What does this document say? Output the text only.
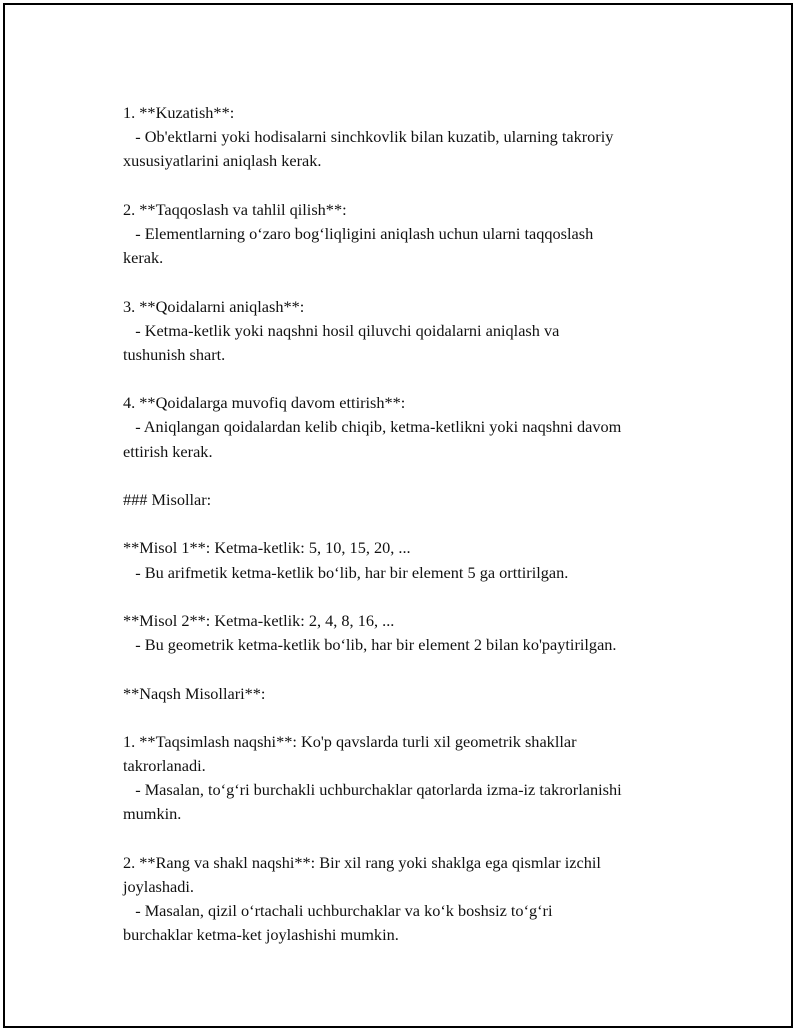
1. **Kuzatish**:
- Ob'ektlarni yoki hodisalarni sinchkovlik bilan kuzatib, ularning takroriy
xususiyatlarini aniqlash kerak.
2. **Taqqoslash va tahlil qilish**:
- Elementlarning o‘zaro bog‘liqligini aniqlash uchun ularni taqqoslash
kerak.
3. **Qoidalarni aniqlash**:
- Ketma-ketlik yoki naqshni hosil qiluvchi qoidalarni aniqlash va
tushunish shart.
4. **Qoidalarga muvofiq davom ettirish**:
- Aniqlangan qoidalardan kelib chiqib, ketma-ketlikni yoki naqshni davom
ettirish kerak.
### Misollar:
**Misol 1**: Ketma-ketlik: 5, 10, 15, 20, ...
- Bu arifmetik ketma-ketlik bo‘lib, har bir element 5 ga orttirilgan.
**Misol 2**: Ketma-ketlik: 2, 4, 8, 16, ...
- Bu geometrik ketma-ketlik bo‘lib, har bir element 2 bilan ko'paytirilgan.
**Naqsh Misollari**:
1. **Taqsimlash naqshi**: Ko'p qavslarda turli xil geometrik shakllar
takrorlanadi.
- Masalan, to‘g‘ri burchakli uchburchaklar qatorlarda izma-iz takrorlanishi
mumkin.
2. **Rang va shakl naqshi**: Bir xil rang yoki shaklga ega qismlar izchil
joylashadi.
- Masalan, qizil o‘rtachali uchburchaklar va ko‘k boshsiz to‘g‘ri
burchaklar ketma-ket joylashishi mumkin.
